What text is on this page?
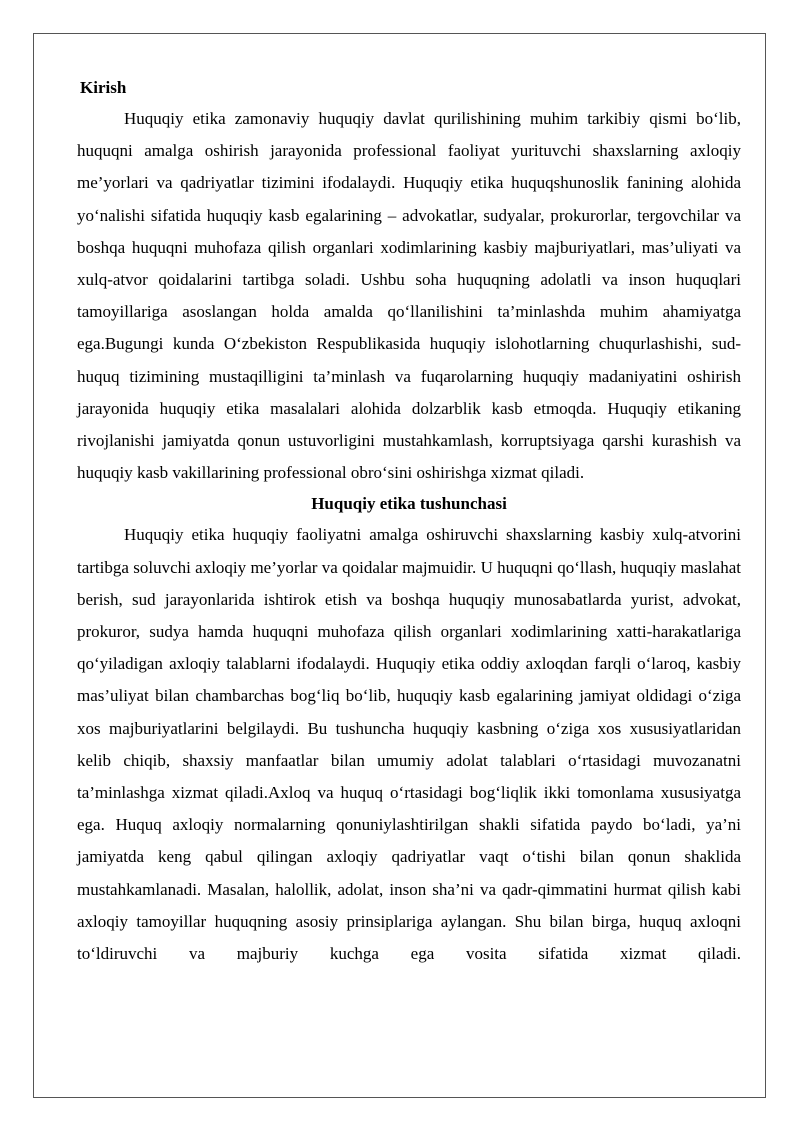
Kirish

Huquqiy etika zamonaviy huquqiy davlat qurilishining muhim tarkibiy qismi bo‘lib, huquqni amalga oshirish jarayonida professional faoliyat yurituvchi shaxslarning axloqiy me’yorlari va qadriyatlar tizimini ifodalaydi. Huquqiy etika huquqshunoslik fanining alohida yo‘nalishi sifatida huquqiy kasb egalarining – advokatlar, sudyalar, prokurorlar, tergovchilar va boshqa huquqni muhofaza qilish organlari xodimlarining kasbiy majburiyatlari, mas’uliyati va xulq-atvor qoidalarini tartibga soladi. Ushbu soha huquqning adolatli va inson huquqlari tamoyillariga asoslangan holda amalda qo‘llanilishini ta’minlashda muhim ahamiyatga ega.Bugungi kunda O‘zbekiston Respublikasida huquqiy islohotlarning chuqurlashishi, sud-huquq tizimining mustaqilligini ta’minlash va fuqarolarning huquqiy madaniyatini oshirish jarayonida huquqiy etika masalalari alohida dolzarblik kasb etmoqda. Huquqiy etikaning rivojlanishi jamiyatda qonun ustuvorligini mustahkamlash, korruptsiyaga qarshi kurashish va huquqiy kasb vakillarining professional obro‘sini oshirishga xizmat qiladi.

Huquqiy etika tushunchasi

Huquqiy etika huquqiy faoliyatni amalga oshiruvchi shaxslarning kasbiy xulq-atvorini tartibga soluvchi axloqiy me’yorlar va qoidalar majmuidir. U huquqni qo‘llash, huquqiy maslahat berish, sud jarayonlarida ishtirok etish va boshqa huquqiy munosabatlarda yurist, advokat, prokuror, sudya hamda huquqni muhofaza qilish organlari xodimlarining xatti-harakatlariga qo‘yiladigan axloqiy talablarni ifodalaydi. Huquqiy etika oddiy axloqdan farqli o‘laroq, kasbiy mas’uliyat bilan chambarchas bog‘liq bo‘lib, huquqiy kasb egalarining jamiyat oldidagi o‘ziga xos majburiyatlarini belgilaydi. Bu tushuncha huquqiy kasbning o‘ziga xos xususiyatlaridan kelib chiqib, shaxsiy manfaatlar bilan umumiy adolat talablari o‘rtasidagi muvozanatni ta’minlashga xizmat qiladi.Axloq va huquq o‘rtasidagi bog‘liqlik ikki tomonlama xususiyatga ega. Huquq axloqiy normalarning qonuniylashtirilgan shakli sifatida paydo bo‘ladi, ya’ni jamiyatda keng qabul qilingan axloqiy qadriyatlar vaqt o‘tishi bilan qonun shaklida mustahkamlanadi. Masalan, halollik, adolat, inson sha’ni va qadr-qimmatini hurmat qilish kabi axloqiy tamoyillar huquqning asosiy prinsiplariga aylangan. Shu bilan birga, huquq axloqni to‘ldiruvchi va majburiy kuchga ega vosita sifatida xizmat qiladi.
